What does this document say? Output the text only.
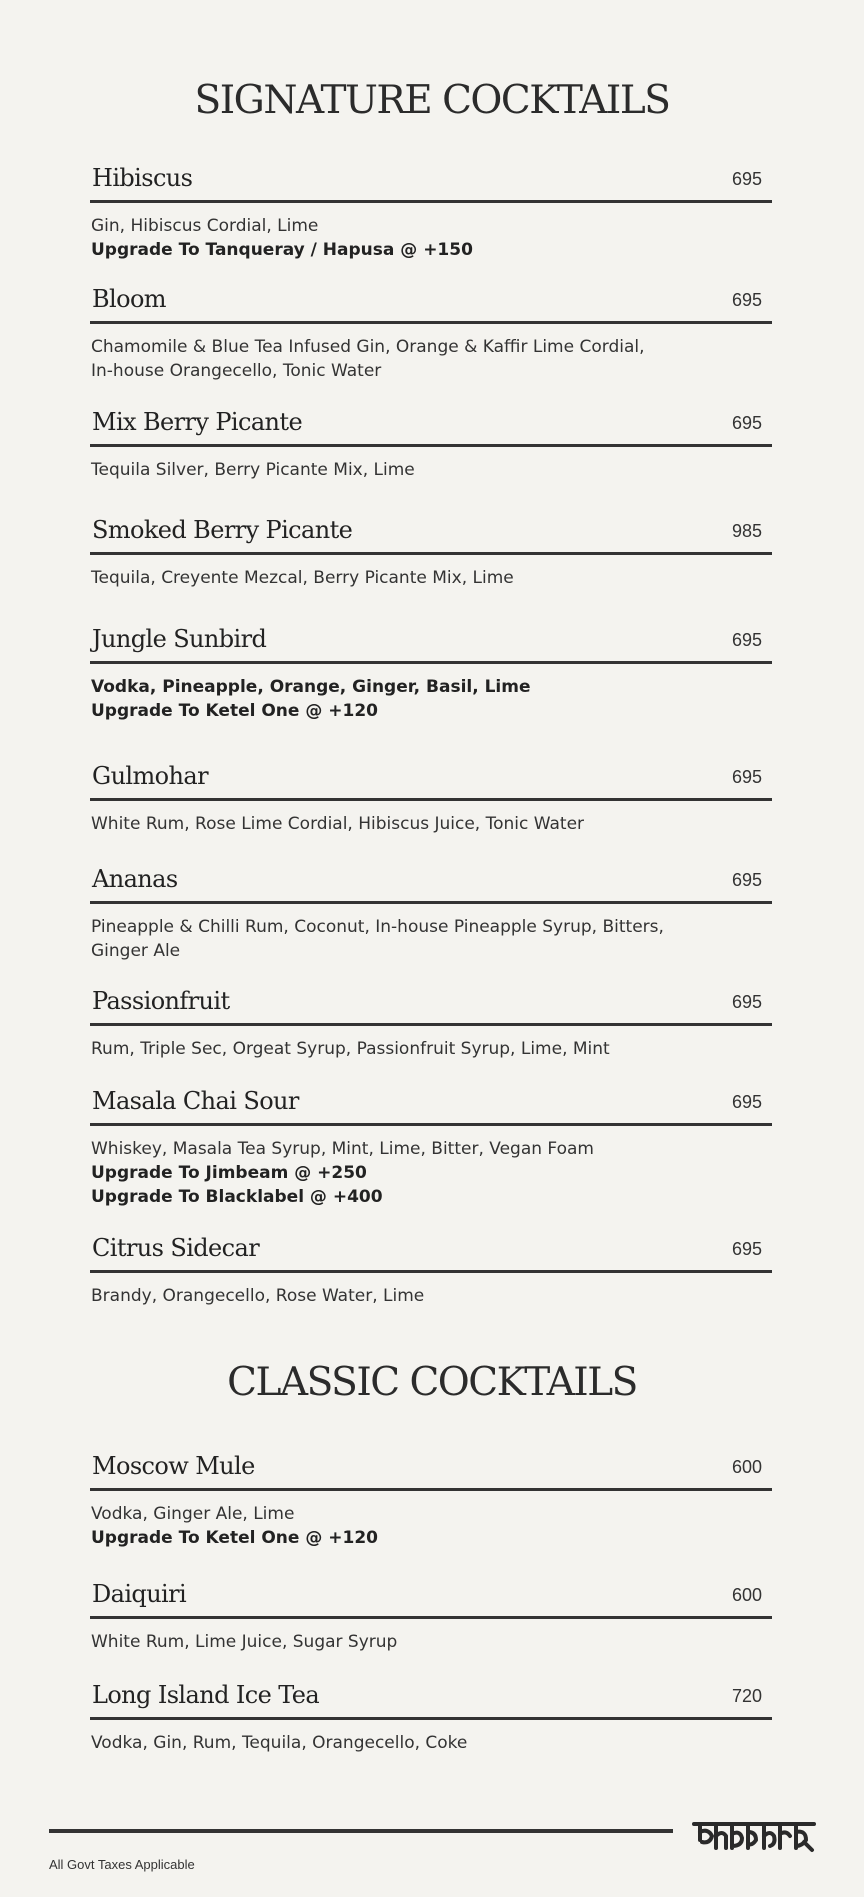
SIGNATURE COCKTAILS
CLASSIC COCKTAILS
Hibiscus	695
Gin, Hibiscus Cordial, Lime
Upgrade To Tanqueray / Hapusa @ +150
Bloom	695
Chamomile & Blue Tea Infused Gin, Orange & Kaffir Lime Cordial,
In-house Orangecello, Tonic Water
Mix Berry Picante	695
Tequila Silver, Berry Picante Mix, Lime
Smoked Berry Picante	985
Tequila, Creyente Mezcal, Berry Picante Mix, Lime
Jungle Sunbird	695
Vodka, Pineapple, Orange, Ginger, Basil, Lime
Upgrade To Ketel One @ +120
Gulmohar	695
White Rum, Rose Lime Cordial, Hibiscus Juice, Tonic Water
Ananas	695
Pineapple & Chilli Rum, Coconut, In-house Pineapple Syrup, Bitters,
Ginger Ale
Passionfruit	695
Rum, Triple Sec, Orgeat Syrup, Passionfruit Syrup, Lime, Mint
Masala Chai Sour	695
Whiskey, Masala Tea Syrup, Mint, Lime, Bitter, Vegan Foam
Upgrade To Jimbeam @ +250
Upgrade To Blacklabel @ +400
Citrus Sidecar	695
Brandy, Orangecello, Rose Water, Lime
Moscow Mule	600
Vodka, Ginger Ale, Lime
Upgrade To Ketel One @ +120
Daiquiri	600
White Rum, Lime Juice, Sugar Syrup
Long Island Ice Tea	720
Vodka, Gin, Rum, Tequila, Orangecello, Coke
All Govt Taxes Applicable
